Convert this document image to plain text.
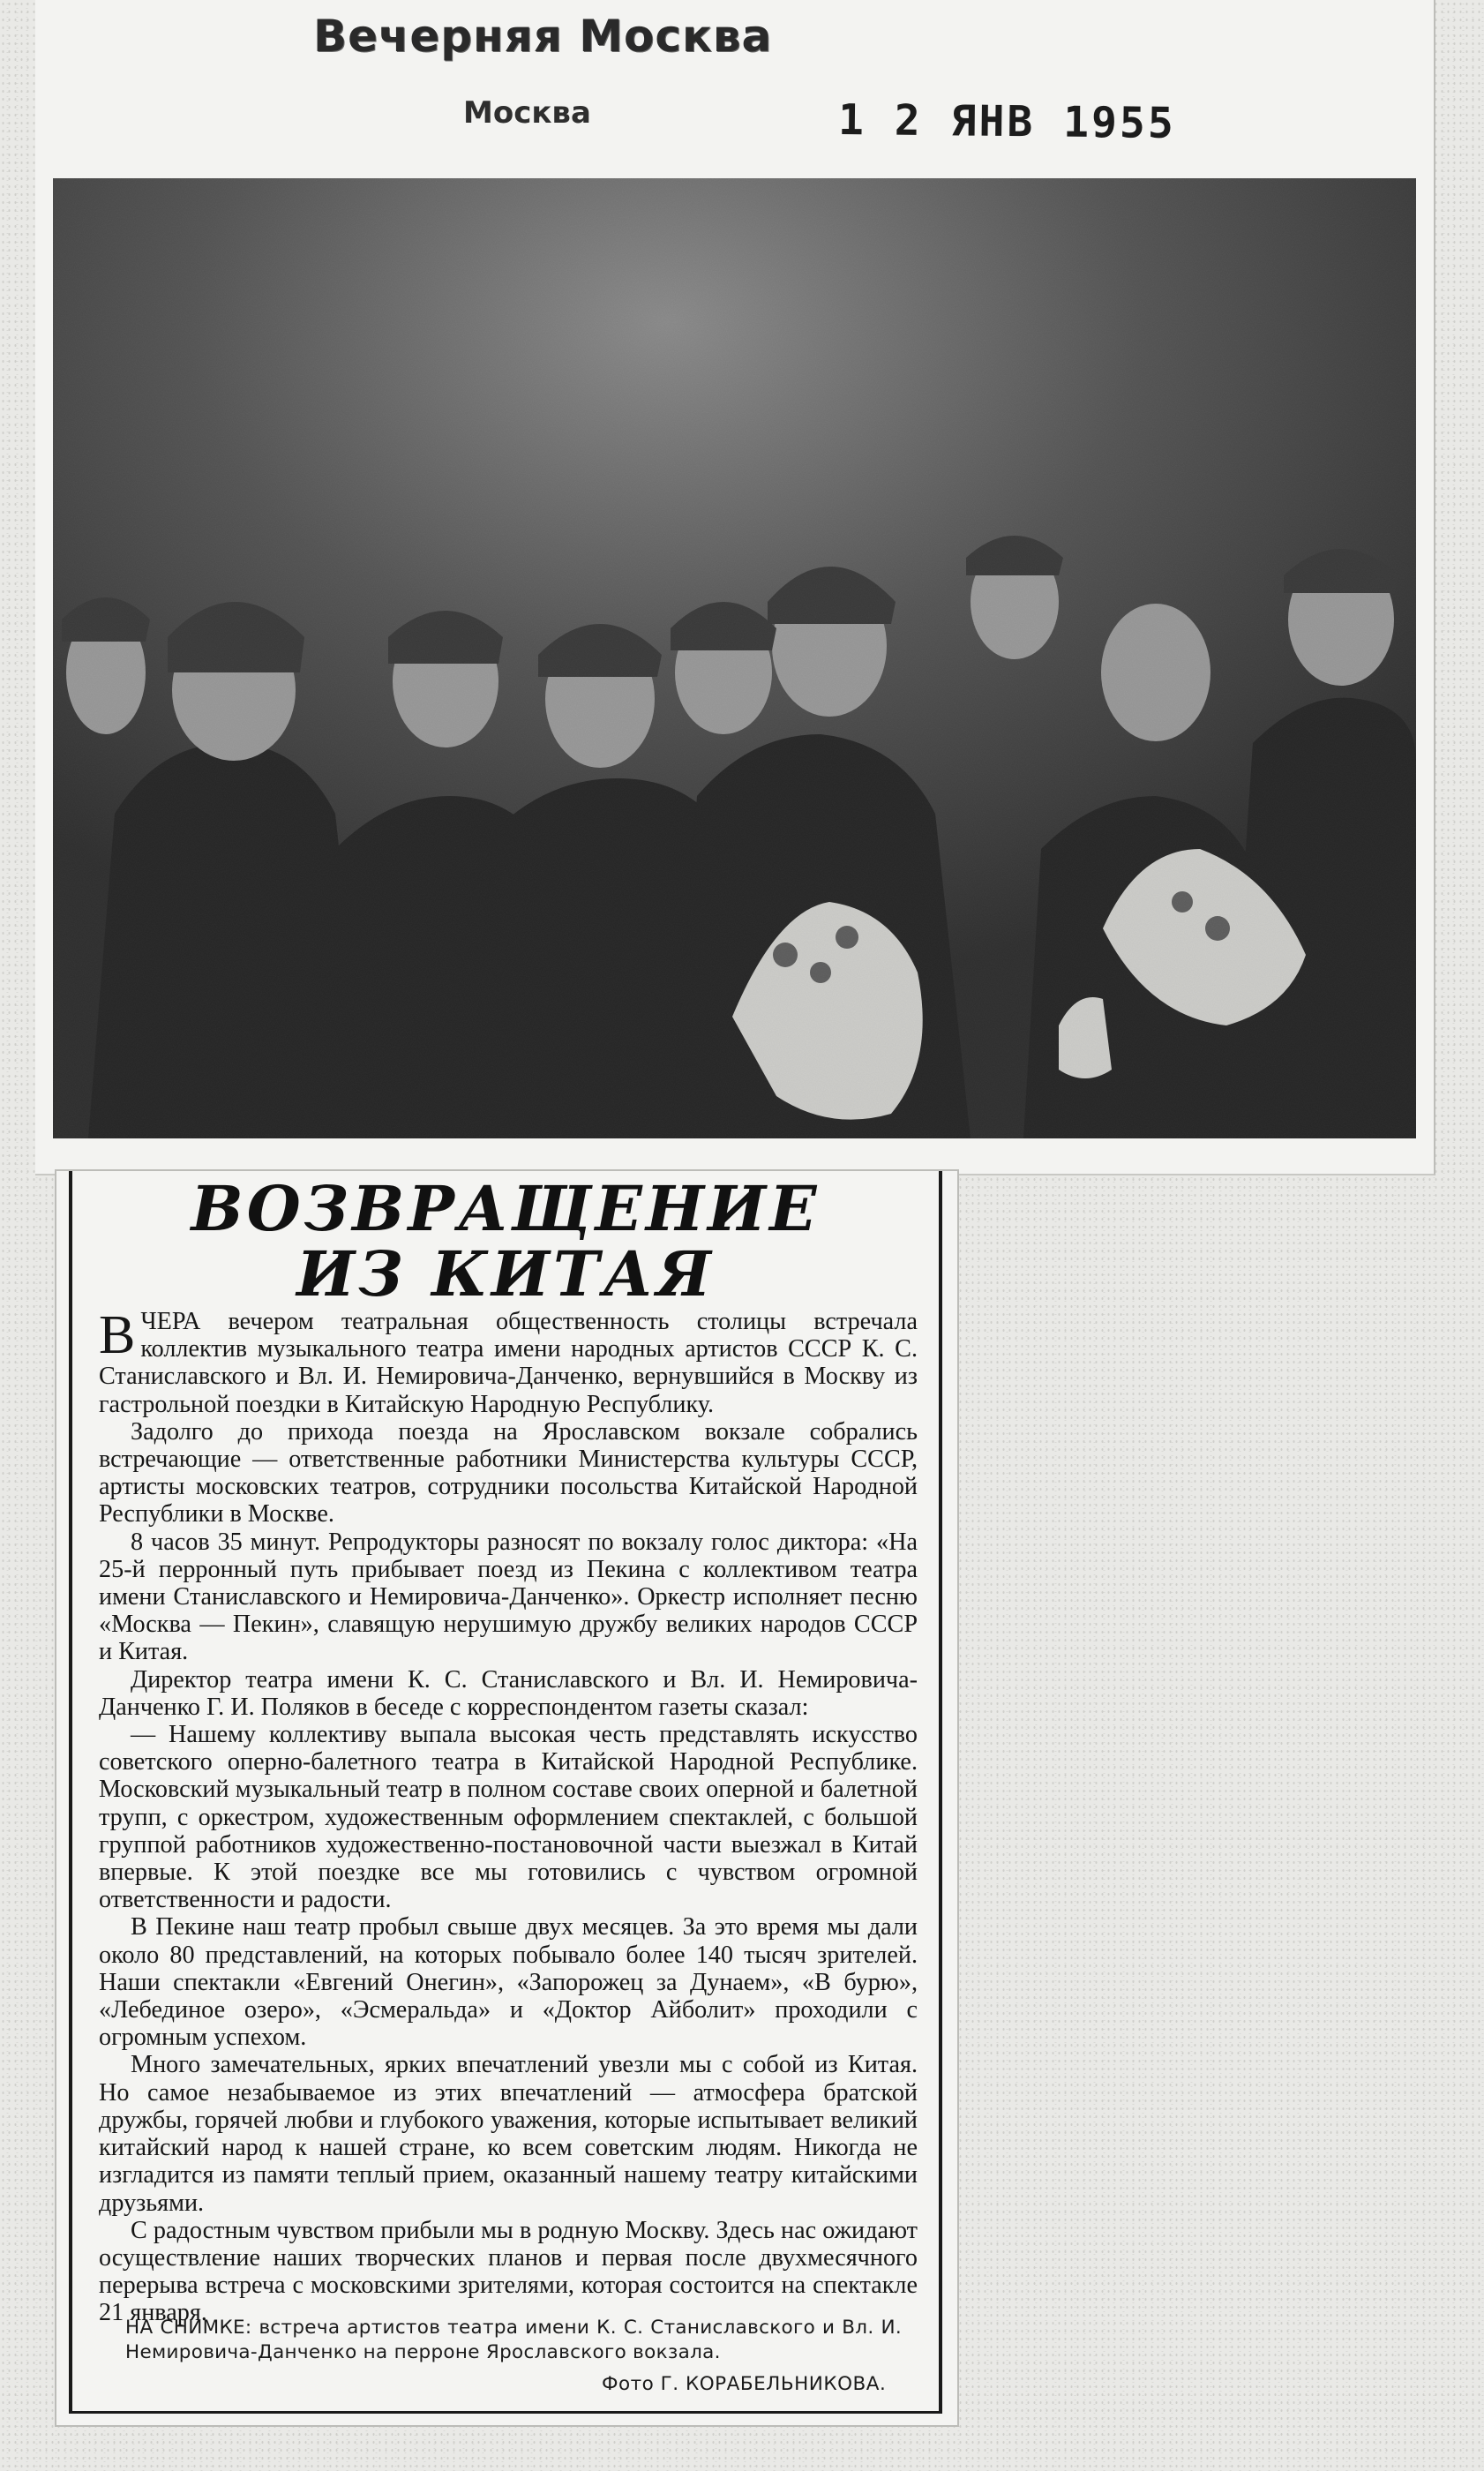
Вечерняя Москва
Москва	1 2 ЯНВ 1955
ВОЗВРАЩЕНИЕ
ИЗ КИТАЯ

ВЧЕРА вечером театральная общественность столицы встречала коллектив музыкального театра имени народных артистов СССР К. С. Станиславского и Вл. И. Немировича-Данченко, вернувшийся в Москву из гастрольной поездки в Китайскую Народную Республику.

Задолго до прихода поезда на Ярославском вокзале собрались встречающие — ответственные работники Министерства культуры СССР, артисты московских театров, сотрудники посольства Китайской Народной Республики в Москве.

8 часов 35 минут. Репродукторы разносят по вокзалу голос диктора: «На 25-й перронный путь прибывает поезд из Пекина с коллективом театра имени Станиславского и Немировича-Данченко». Оркестр исполняет песню «Москва — Пекин», славящую нерушимую дружбу великих народов СССР и Китая.

Директор театра имени К. С. Станиславского и Вл. И. Немировича-Данченко Г. И. Поляков в беседе с корреспондентом газеты сказал:

— Нашему коллективу выпала высокая честь представлять искусство советского оперно-балетного театра в Китайской Народной Республике. Московский музыкальный театр в полном составе своих оперной и балетной трупп, с оркестром, художественным оформлением спектаклей, с большой группой работников художественно-постановочной части выезжал в Китай впервые. К этой поездке все мы готовились с чувством огромной ответственности и радости.

В Пекине наш театр пробыл свыше двух месяцев. За это время мы дали около 80 представлений, на которых побывало более 140 тысяч зрителей. Наши спектакли «Евгений Онегин», «Запорожец за Дунаем», «В бурю», «Лебединое озеро», «Эсмеральда» и «Доктор Айболит» проходили с огромным успехом.

Много замечательных, ярких впечатлений увезли мы с собой из Китая. Но самое незабываемое из этих впечатлений — атмосфера братской дружбы, горячей любви и глубокого уважения, которые испытывает великий китайский народ к нашей стране, ко всем советским людям. Никогда не изгладится из памяти теплый прием, оказанный нашему театру китайскими друзьями.

С радостным чувством прибыли мы в родную Москву. Здесь нас ожидают осуществление наших творческих планов и первая после двухмесячного перерыва встреча с московскими зрителями, которая состоится на спектакле 21 января.

НА СНИМКЕ: встреча артистов театра имени К. С. Станиславского и Вл. И. Немировича-Данченко на перроне Ярославского вокзала.
Фото Г. КОРАБЕЛЬНИКОВА.
